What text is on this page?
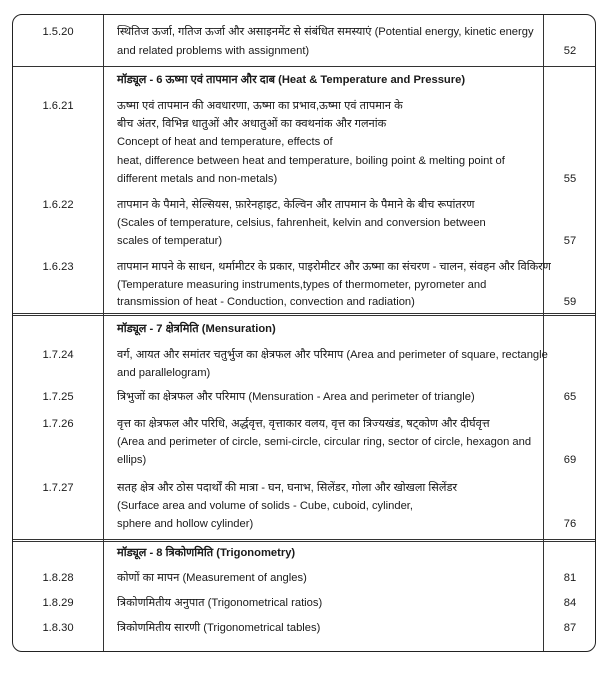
1.5.20	स्थितिज ऊर्जा, गतिज ऊर्जा और असाइनमेंट से संबंधित समस्याएं (Potential energy, kinetic energy
and related problems with assignment)	52
मॉड्यूल - 6 ऊष्मा एवं तापमान और दाब (Heat & Temperature and Pressure)
1.6.21	ऊष्मा एवं तापमान की अवधारणा, ऊष्मा का प्रभाव,ऊष्मा एवं तापमान के
बीच अंतर, विभिन्न धातुओं और अधातुओं का क्वथनांक और गलनांक
Concept of heat and temperature, effects of
heat, difference between heat and temperature, boiling point & melting point of
different metals and non-metals)	55
1.6.22	तापमान के पैमाने, सेल्सियस, फ़ारेनहाइट, केल्विन और तापमान के पैमाने के बीच रूपांतरण
(Scales of temperature, celsius, fahrenheit, kelvin and conversion between
scales of temperatur)	57
1.6.23	तापमान मापने के साधन, थर्मामीटर के प्रकार, पाइरोमीटर और ऊष्मा का संचरण - चालन, संवहन और विकिरण
(Temperature measuring instruments,types of thermometer, pyrometer and
transmission of heat - Conduction, convection and radiation)	59
मॉड्यूल - 7 क्षेत्रमिति (Mensuration)
1.7.24	वर्ग, आयत और समांतर चतुर्भुज का क्षेत्रफल और परिमाप (Area and perimeter of square, rectangle
and parallelogram)
1.7.25	त्रिभुजों का क्षेत्रफल और परिमाप (Mensuration - Area and perimeter of triangle)	65
1.7.26	वृत्त का क्षेत्रफल और परिधि, अर्द्धवृत्त, वृत्ताकार वलय, वृत्त का त्रिज्यखंड, षट्कोण और दीर्घवृत्त
(Area and perimeter of circle, semi-circle, circular ring, sector of circle, hexagon and
ellips)	69
1.7.27	सतह क्षेत्र और ठोस पदार्थों की मात्रा - घन, घनाभ, सिलेंडर, गोला और खोखला सिलेंडर
(Surface area and volume of solids - Cube, cuboid, cylinder,
sphere and hollow cylinder)	76
मॉड्यूल - 8 त्रिकोणमिति (Trigonometry)
1.8.28	कोणों का मापन (Measurement of angles)	81
1.8.29	त्रिकोणमितीय अनुपात (Trigonometrical ratios)	84
1.8.30	त्रिकोणमितीय सारणी (Trigonometrical tables)	87
